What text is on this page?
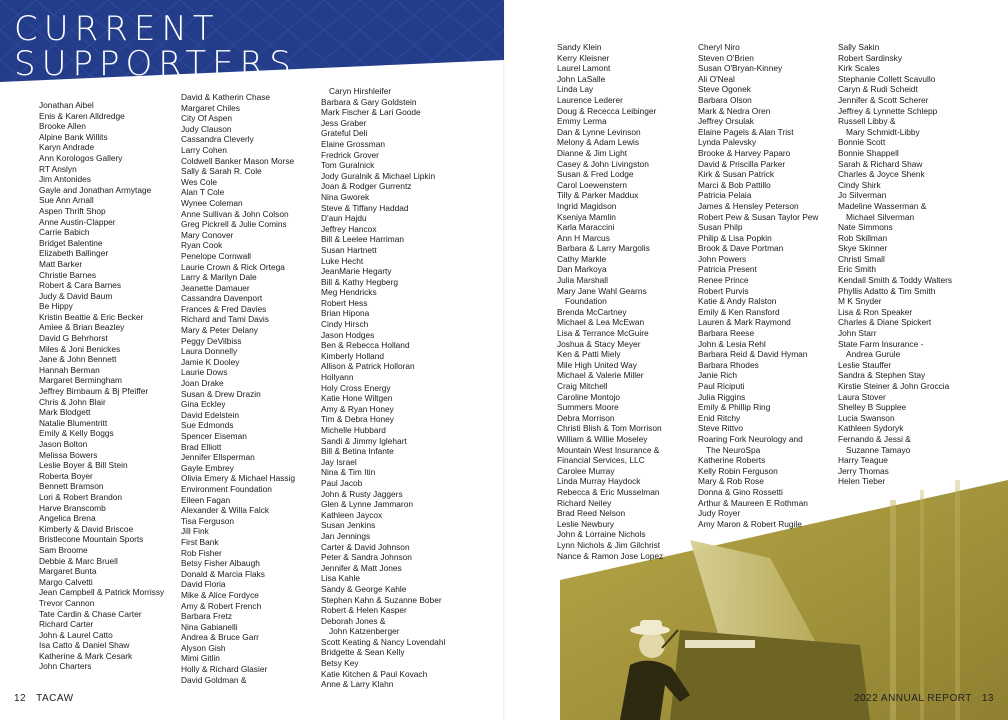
CURRENT
SUPPORTERS
Jonathan Aibel
Enis & Karen Alldredge
Brooke Allen
Alpine Bank Willits
Karyn Andrade
Ann Korologos Gallery
RT Anslyn
Jim Antonides
Gayle and Jonathan Armytage
Sue Ann Arnall
Aspen Thrift Shop
Anne Austin-Clapper
Carrie Babich
Bridget Balentine
Elizabeth Ballinger
Matt Barker
Christie Barnes
Robert & Cara Barnes
Judy & David Baum
Be Hippy
Kristin Beattie & Eric Becker
Amiee & Brian Beazley
David G Behrhorst
Miles & Joni Benickes
Jane & John Bennett
Hannah Berman
Margaret Bermingham
Jeffrey Birnbaum & Bj Pfeiffer
Chris & John Blair
Mark Blodgett
Natalie Blumentritt
Emily & Kelly Boggs
Jason Bolton
Melissa Bowers
Leslie Boyer & Bill Stein
Roberta Boyer
Bennett Bramson
Lori & Robert Brandon
Harve Branscomb
Angelica Brena
Kimberly & David Briscoe
Bristlecone Mountain Sports
Sam Broome
Debbie & Marc Bruell
Margaret Bunta
Margo Calvetti
Jean Campbell & Patrick Morrissy
Trevor Cannon
Tate Cardin & Chase Carter
Richard Carter
John & Laurel Catto
Isa Catto & Daniel Shaw
Katherine & Mark Cesark
John Charters
David & Katherin Chase
Margaret Chiles
City Of Aspen
Judy Clauson
Cassandra Cleverly
Larry Cohen
Coldwell Banker Mason Morse
Sally & Sarah R. Cole
Wes Cole
Alan T Cole
Wynee Coleman
Anne Sullivan & John Colson
Greg Pickrell & Julie Comins
Mary Conover
Ryan Cook
Penelope Cornwall
Laurie Crown & Rick Ortega
Larry & Marilyn Dale
Jeanette Damauer
Cassandra Davenport
Frances & Fred Davies
Richard and Tami Davis
Mary & Peter Delany
Peggy DeVilbiss
Laura Donnelly
Jamie K Dooley
Laurie Dows
Joan Drake
Susan & Drew Drazin
Gina Eckley
David Edelstein
Sue Edmonds
Spencer Eiseman
Brad Elliott
Jennifer Ellsperman
Gayle Embrey
Olivia Emery & Michael Hassig
Environment Foundation
Eileen Fagan
Alexander & Willa Falck
Tisa Ferguson
Jill Fink
First Bank
Rob Fisher
Betsy Fisher Albaugh
Donald & Marcia Flaks
David Floria
Mike & Alice Fordyce
Amy & Robert French
Barbara Fretz
Nina Gabianelli
Andrea & Bruce Garr
Alyson Gish
Mimi Gitlin
Holly & Richard Glasier
David Goldman &
Caryn Hirshleifer
Barbara & Gary Goldstein
Mark Fischer & Lari Goode
Jess Graber
Grateful Deli
Elaine Grossman
Fredrick Grover
Tom Guralnick
Jody Guralnik & Michael Lipkin
Joan & Rodger Gurrentz
Nina Gworek
Steve & Tiffany Haddad
D'aun Hajdu
Jeffrey Hancox
Bill & Leelee Harriman
Susan Hartnett
Luke Hecht
JeanMarie Hegarty
Bill & Kathy Hegberg
Meg Hendricks
Robert Hess
Brian Hipona
Cindy Hirsch
Jason Hodges
Ben & Rebecca Holland
Kimberly Holland
Allison & Patrick Holloran
Hollyann
Holy Cross Energy
Katie Hone Wiltgen
Amy & Ryan Honey
Tim & Debra Honey
Michelle Hubbard
Sandi & Jimmy Iglehart
Bill & Betina Infante
Jay Israel
Nina & Tim Itin
Paul Jacob
John & Rusty Jaggers
Glen & Lynne Jammaron
Kathleen Jaycox
Susan Jenkins
Jan Jennings
Carter & David Johnson
Peter & Sandra Johnson
Jennifer & Matt Jones
Lisa Kahle
Sandy & George Kahle
Stephen Kahn & Suzanne Bober
Robert & Helen Kasper
Deborah Jones &
John Katzenberger
Scott Keating & Nancy Lovendahl
Bridgette & Sean Kelly
Betsy Key
Katie Kitchen & Paul Kovach
Anne & Larry Klahn
Sandy Klein
Kerry Kleisner
Laurel Lamont
John LaSalle
Linda Lay
Laurence Lederer
Doug & Rececca Leibinger
Emmy Lerma
Dan & Lynne Levinson
Melony & Adam Lewis
Dianne & Jim Light
Casey & John Livingston
Susan & Fred Lodge
Carol Loewenstern
Tilly & Parker Maddux
Ingrid Magidson
Kseniya Mamlin
Karla Maraccini
Ann H Marcus
Barbara & Larry Margolis
Cathy Markle
Dan Markoya
Julia Marshall
Mary Jane Wahl Gearns
Foundation
Brenda McCartney
Michael & Lea McEwan
Lisa & Terrance McGuire
Joshua & Stacy Meyer
Ken & Patti Miely
Mile High United Way
Michael & Valerie Miller
Craig Mitchell
Caroline Montojo
Summers Moore
Debra Morrison
Christi Blish & Tom Morrison
William & Willie Moseley
Mountain West Insurance &
Financial Services, LLC
Carolee Murray
Linda Murray Haydock
Rebecca & Eric Musselman
Richard Neiley
Brad Reed Nelson
Leslie Newbury
John & Lorraine Nichols
Lynn Nichols & Jim Gilchrist
Nance & Ramon Jose Lopez
Cheryl Niro
Steven O'Brien
Susan O'Bryan-Kinney
Ali O'Neal
Steve Ogonek
Barbara Olson
Mark & Nedra Oren
Jeffrey Orsulak
Elaine Pagels & Alan Trist
Lynda Palevsky
Brooke & Harvey Paparo
David & Priscilla Parker
Kirk & Susan Patrick
Marci & Bob Pattillo
Patricia Pelaia
James & Hensley Peterson
Robert Pew & Susan Taylor Pew
Susan Philp
Philip & Lisa Popkin
Brook & Dave Portman
John Powers
Patricia Present
Renee Prince
Robert Purvis
Katie & Andy Ralston
Emily & Ken Ransford
Lauren & Mark Raymond
Barbara Reese
John & Lesia Rehl
Barbara Reid & David Hyman
Barbara Rhodes
Janie Rich
Paul Riciputi
Julia Riggins
Emily & Phillip Ring
Enid Ritchy
Steve Rittvo
Roaring Fork Neurology and
The NeuroSpa
Katherine Roberts
Kelly Robin Ferguson
Mary & Rob Rose
Donna & Gino Rossetti
Arthur & Maureen E Rothman
Judy Royer
Amy Maron & Robert Rugile
Sally Sakin
Robert Sardinsky
Kirk Scales
Stephanie Collett Scavullo
Caryn & Rudi Scheidt
Jennifer & Scott Scherer
Jeffrey & Lynnette Schlepp
Russell Libby &
Mary Schmidt-Libby
Bonnie Scott
Bonnie Shappell
Sarah & Richard Shaw
Charles & Joyce Shenk
Cindy Shirk
Jo Silverman
Madeline Wasserman &
Michael Silverman
Nate Simmons
Rob Skillman
Skye Skinner
Christi Small
Eric Smith
Kendall Smith & Toddy Walters
Phyllis Adatto & Tim Smith
M K Snyder
Lisa & Ron Speaker
Charles & Diane Spickert
John Starr
State Farm Insurance -
Andrea Gurule
Leslie Stauffer
Sandra & Stephen Stay
Kirstie Steiner & John Groccia
Laura Stover
Shelley B Supplee
Lucia Swanson
Kathleen Sydoryk
Fernando & Jessi &
Suzanne Tamayo
Harry Teague
Jerry Thomas
Helen Tieber
12 TACAW	2022 ANNUAL REPORT 13
